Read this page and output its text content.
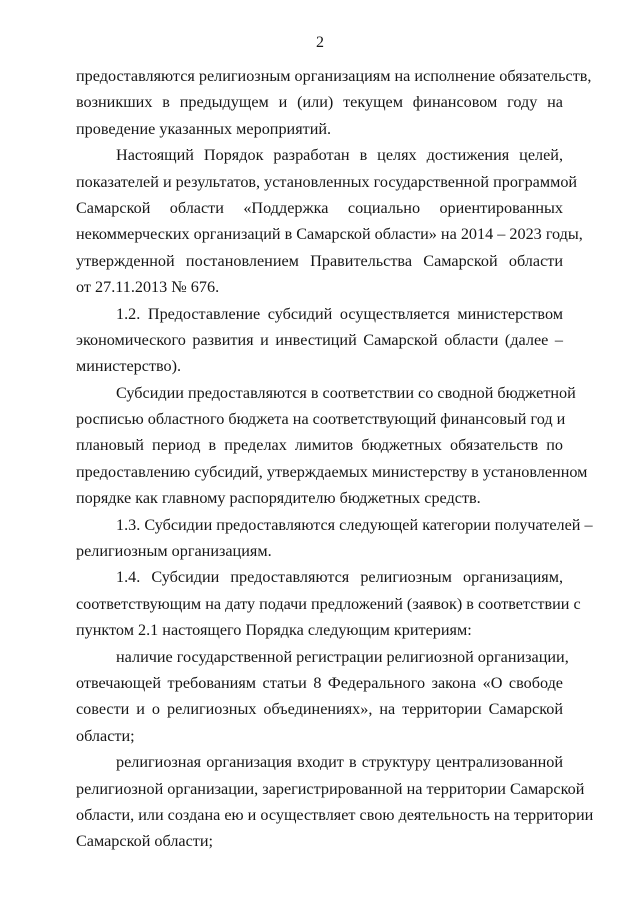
2
предоставляются религиозным организациям на исполнение обязательств,
возникших в предыдущем и (или) текущем финансовом году на
проведение указанных мероприятий.
Настоящий Порядок разработан в целях достижения целей,
показателей и результатов, установленных государственной программой
Самарской области «Поддержка социально ориентированных
некоммерческих организаций в Самарской области» на 2014 – 2023 годы,
утвержденной постановлением Правительства Самарской области
от 27.11.2013 № 676.
1.2. Предоставление субсидий осуществляется министерством
экономического развития и инвестиций Самарской области (далее –
министерство).
Субсидии предоставляются в соответствии со сводной бюджетной
росписью областного бюджета на соответствующий финансовый год и
плановый период в пределах лимитов бюджетных обязательств по
предоставлению субсидий, утверждаемых министерству в установленном
порядке как главному распорядителю бюджетных средств.
1.3. Субсидии предоставляются следующей категории получателей –
религиозным организациям.
1.4. Субсидии предоставляются религиозным организациям,
соответствующим на дату подачи предложений (заявок) в соответствии с
пунктом 2.1 настоящего Порядка следующим критериям:
наличие государственной регистрации религиозной организации,
отвечающей требованиям статьи 8 Федерального закона «О свободе
совести и о религиозных объединениях», на территории Самарской
области;
религиозная организация входит в структуру централизованной
религиозной организации, зарегистрированной на территории Самарской
области, или создана ею и осуществляет свою деятельность на территории
Самарской области;
